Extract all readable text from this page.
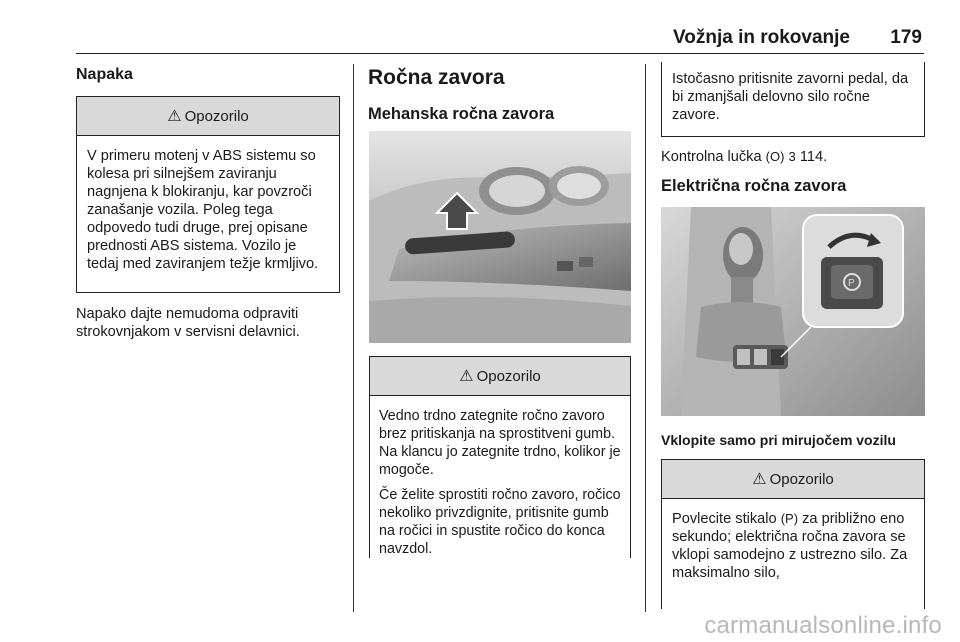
Vožnja in rokovanje 179
Napaka
⚠ Opozorilo

V primeru motenj v ABS sistemu so kolesa pri silnejšem zaviranju nagnjena k blokiranju, kar povzroči zanašanje vozila. Poleg tega odpovedo tudi druge, prej opisane prednosti ABS sistema. Vozilo je tedaj med zaviranjem težje krmljivo.

Napako dajte nemudoma odpraviti strokovnjakom v servisni delavnici.

Ročna zavora
Mehanska ročna zavora
⚠ Opozorilo

Vedno trdno zategnite ročno zavoro brez pritiskanja na sprostitveni gumb. Na klancu jo zategnite trdno, kolikor je mogoče.

Če želite sprostiti ročno zavoro, ročico nekoliko privzdignite, pritisnite gumb na ročici in spustite ročico do konca navzdol.

Istočasno pritisnite zavorni pedal, da bi zmanjšali delovno silo ročne zavore.

Kontrolna lučka (O) 3 114.
Električna ročna zavora
P
Vklopite samo pri mirujočem vozilu
⚠ Opozorilo

Povlecite stikalo (P) za približno eno sekundo; električna ročna zavora se vklopi samodejno z ustrezno silo. Za maksimalno silo,

carmanualsonline.info
